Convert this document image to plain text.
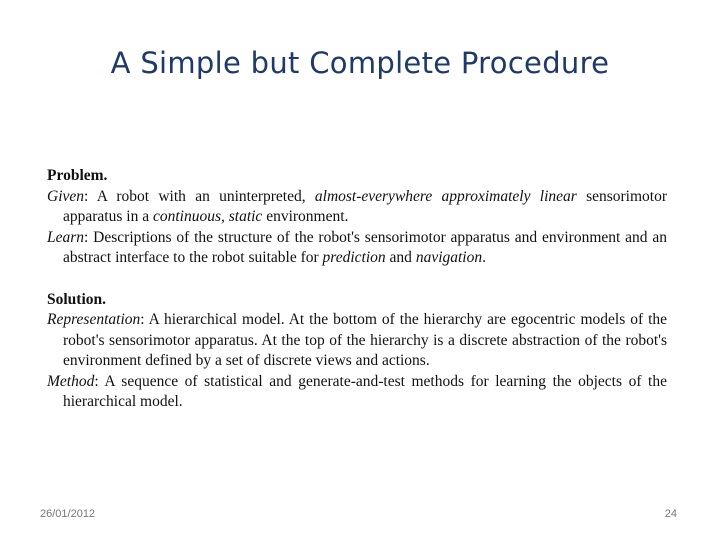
A Simple but Complete Procedure

Problem.

Given: A robot with an uninterpreted, almost-everywhere approximately linear sensorimotor apparatus in a continuous, static environment.

Learn: Descriptions of the structure of the robot's sensorimotor apparatus and environment and an abstract interface to the robot suitable for prediction and navigation.

Solution.

Representation: A hierarchical model. At the bottom of the hierarchy are egocentric models of the robot's sensorimotor apparatus. At the top of the hierarchy is a discrete abstraction of the robot's environment defined by a set of discrete views and actions.

Method: A sequence of statistical and generate-and-test methods for learning the objects of the hierarchical model.

26/01/2012	24
